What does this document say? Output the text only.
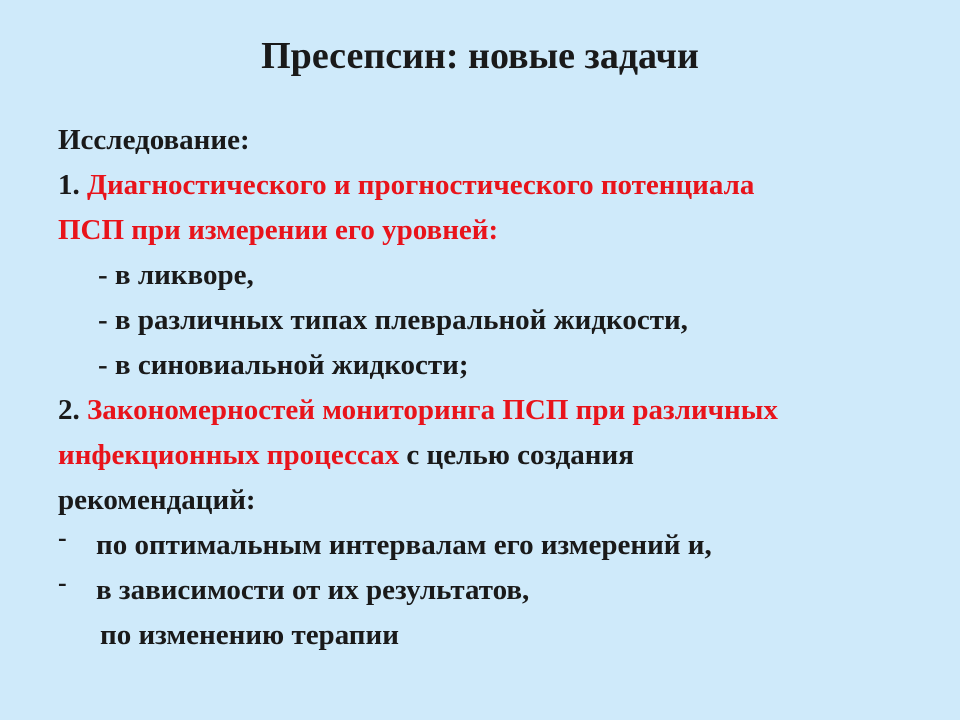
Пресепсин: новые задачи
Исследование:
1. Диагностического и прогностического потенциала
ПСП при измерении его уровней:
- в ликворе,
- в различных типах плевральной жидкости,
- в синовиальной жидкости;
2. Закономерностей мониторинга ПСП при различных
инфекционных процессах с целью создания
рекомендаций:
- по оптимальным интервалам его измерений и,
- в зависимости от их результатов,
по изменению терапии
